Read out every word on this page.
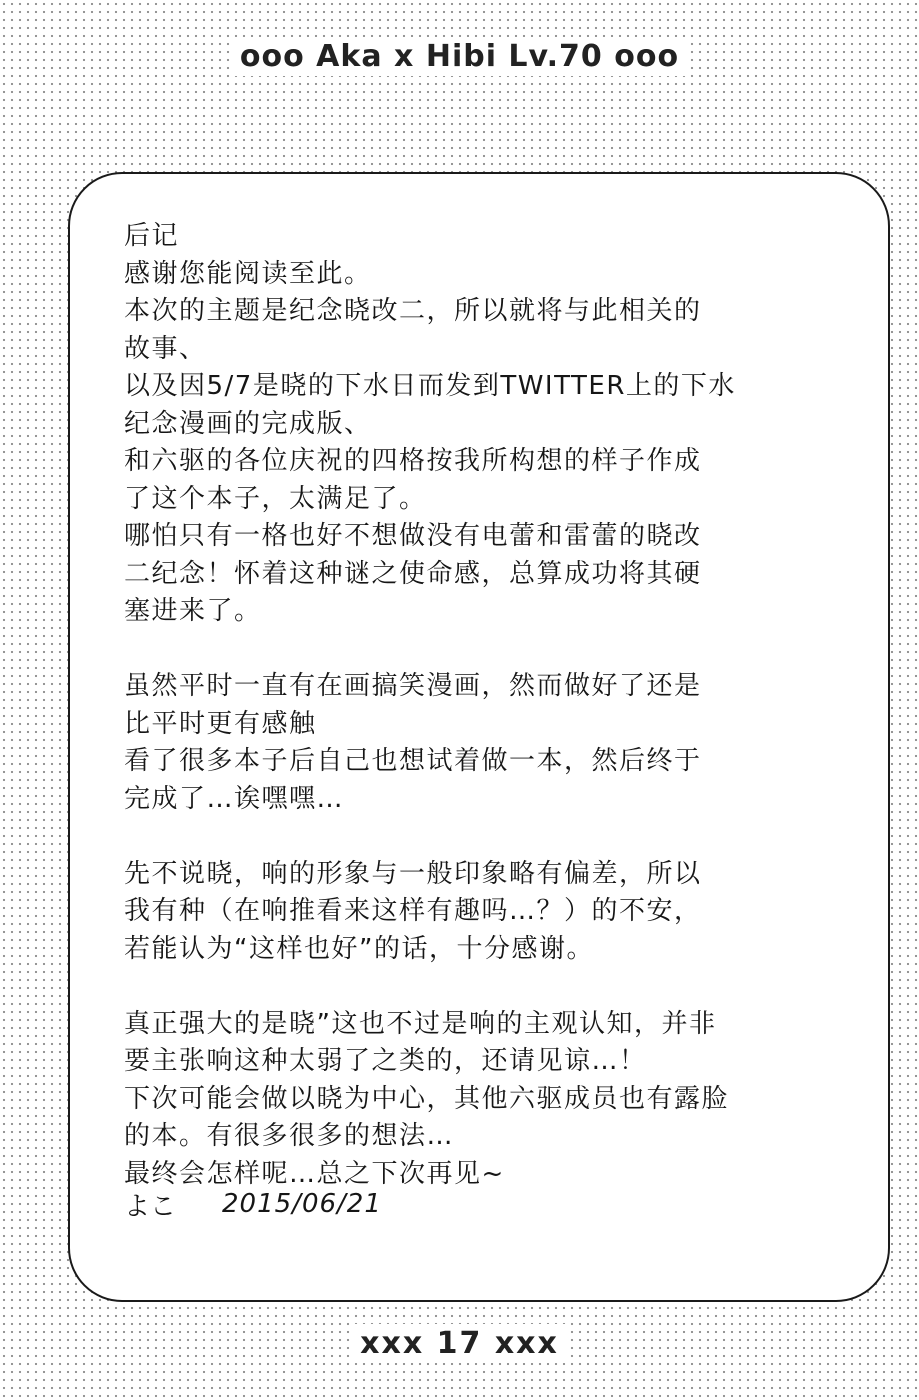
ooo Aka x Hibi Lv.70 ooo
后记
感谢您能阅读至此。
本次的主题是纪念晓改二，所以就将与此相关的
故事、
以及因5/7是晓的下水日而发到TWITTER上的下水
纪念漫画的完成版、
和六驱的各位庆祝的四格按我所构想的样子作成
了这个本子，太满足了。
哪怕只有一格也好不想做没有电蕾和雷蕾的晓改
二纪念！怀着这种谜之使命感，总算成功将其硬
塞进来了。
虽然平时一直有在画搞笑漫画，然而做好了还是
比平时更有感触
看了很多本子后自己也想试着做一本，然后终于
完成了…诶嘿嘿…
先不说晓，响的形象与一般印象略有偏差，所以
我有种（在响推看来这样有趣吗…？）的不安，
若能认为“这样也好”的话，十分感谢。
真正强大的是晓”这也不过是响的主观认知，并非
要主张响这种太弱了之类的，还请见谅…！
下次可能会做以晓为中心，其他六驱成员也有露脸
的本。有很多很多的想法…
最终会怎样呢…总之下次再见~
よこ 2015/06/21
xxx 17 xxx
